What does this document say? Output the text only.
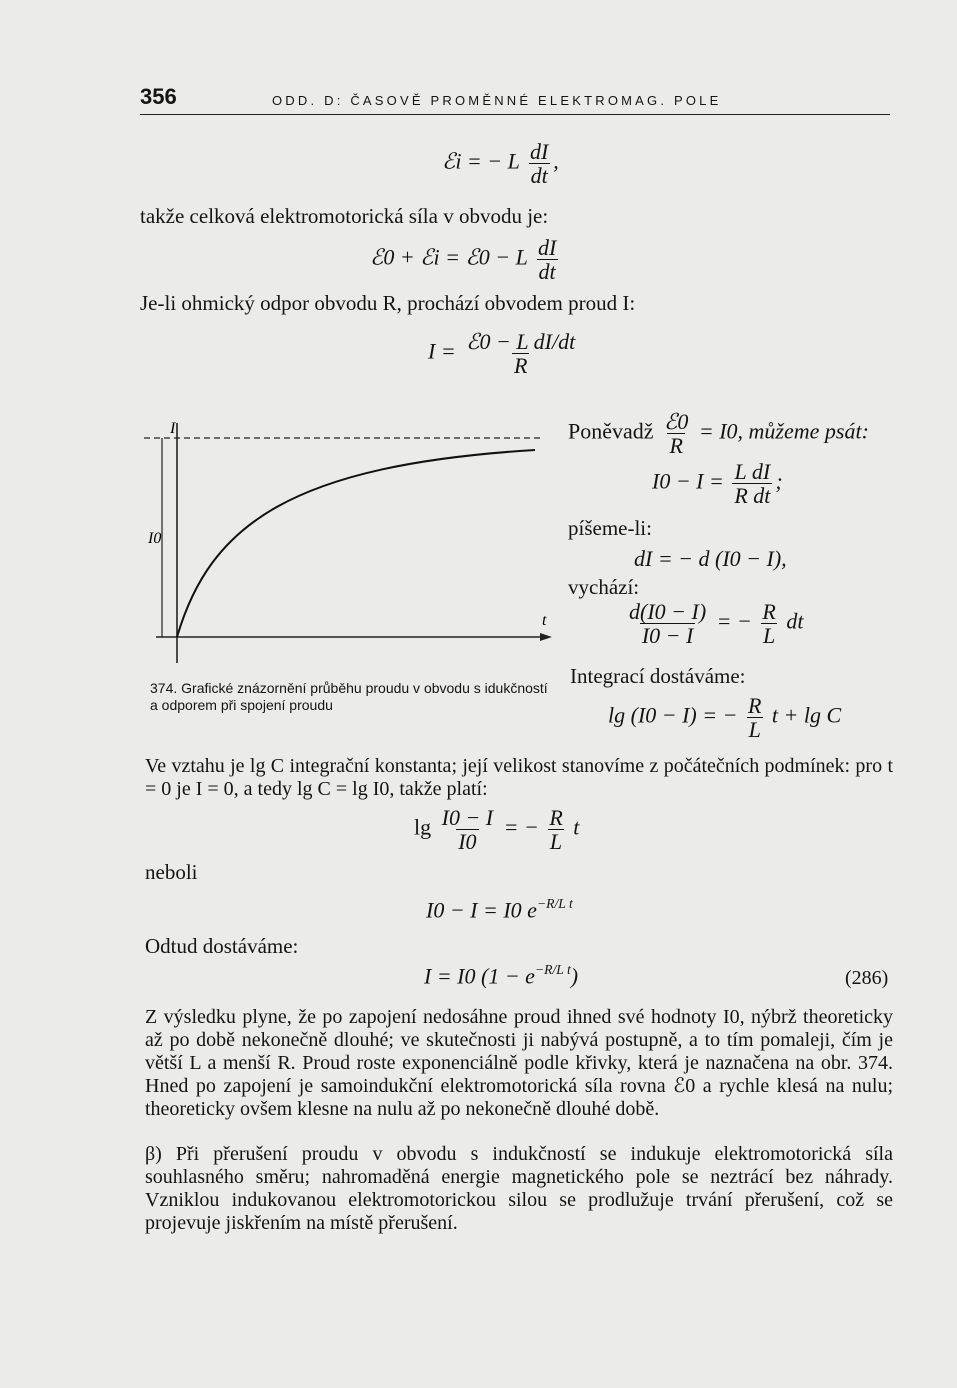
356	ODD. D: ČASOVĚ PROMĚNNÉ ELEKTROMAG. POLE
ℰi = − L $\frac{dI}{dt}$ ,
takže celková elektromotorická síla v obvodu je:
ℰ0 + ℰi = ℰ0 − L $\frac{dI}{dt}$
Je-li ohmický odpor obvodu R, prochází obvodem proud I:
$I = \frac{\text{ℰ0 − L dI/dt}}{R}$
I
I0
t
374. Grafické znázornění průběhu proudu v obvodu s idukčností a odporem při spojení proudu
Poněvadž $\frac{\text{ℰ0}}{R} = I0$, můžeme psát:
$I0 - I = \frac{\text{L dI}}{\text{R dt}}$ ;
píšeme-li:
dI = − d (I0 − I),
vychází:
$\frac{d(I0 - I)}{I0 - I}$ = − $\frac{R}{L}$ dt
Integrací dostáváme:
lg (I0 − I) = − $\frac{R}{L}$ t + lg C
Ve vztahu je lg C integrační konstanta; její velikost stanovíme z počátečních podmínek: pro t = 0 je I = 0, a tedy lg C = lg I0, takže platí:
$\lg \frac{I0 - I}{I0}$ = − $\frac{R}{L}$ t
neboli
I0 − I = I0 $e^{-R/L t}$
Odtud dostáváme:
I = I0 $(1 - e^{-R/L t})$	(286)
Z výsledku plyne, že po zapojení nedosáhne proud ihned své hodnoty I0, nýbrž theoreticky až po době nekonečně dlouhé; ve skutečnosti ji nabývá postupně, a to tím pomaleji, čím je větší L a menší R. Proud roste exponenciálně podle křivky, která je naznačena na obr. 374. Hned po zapojení je samoindukční elektromotorická síla rovna ℰ0 a rychle klesá na nulu; theoreticky ovšem klesne na nulu až po nekonečně dlouhé době.
β) Při přerušení proudu v obvodu s indukčností se indukuje elektromotorická síla souhlasného směru; nahromaděná energie magnetického pole se neztrácí bez náhrady. Vzniklou indukovanou elektromotorickou silou se prodlužuje trvání přerušení, což se projevuje jiskřením na místě přerušení.
